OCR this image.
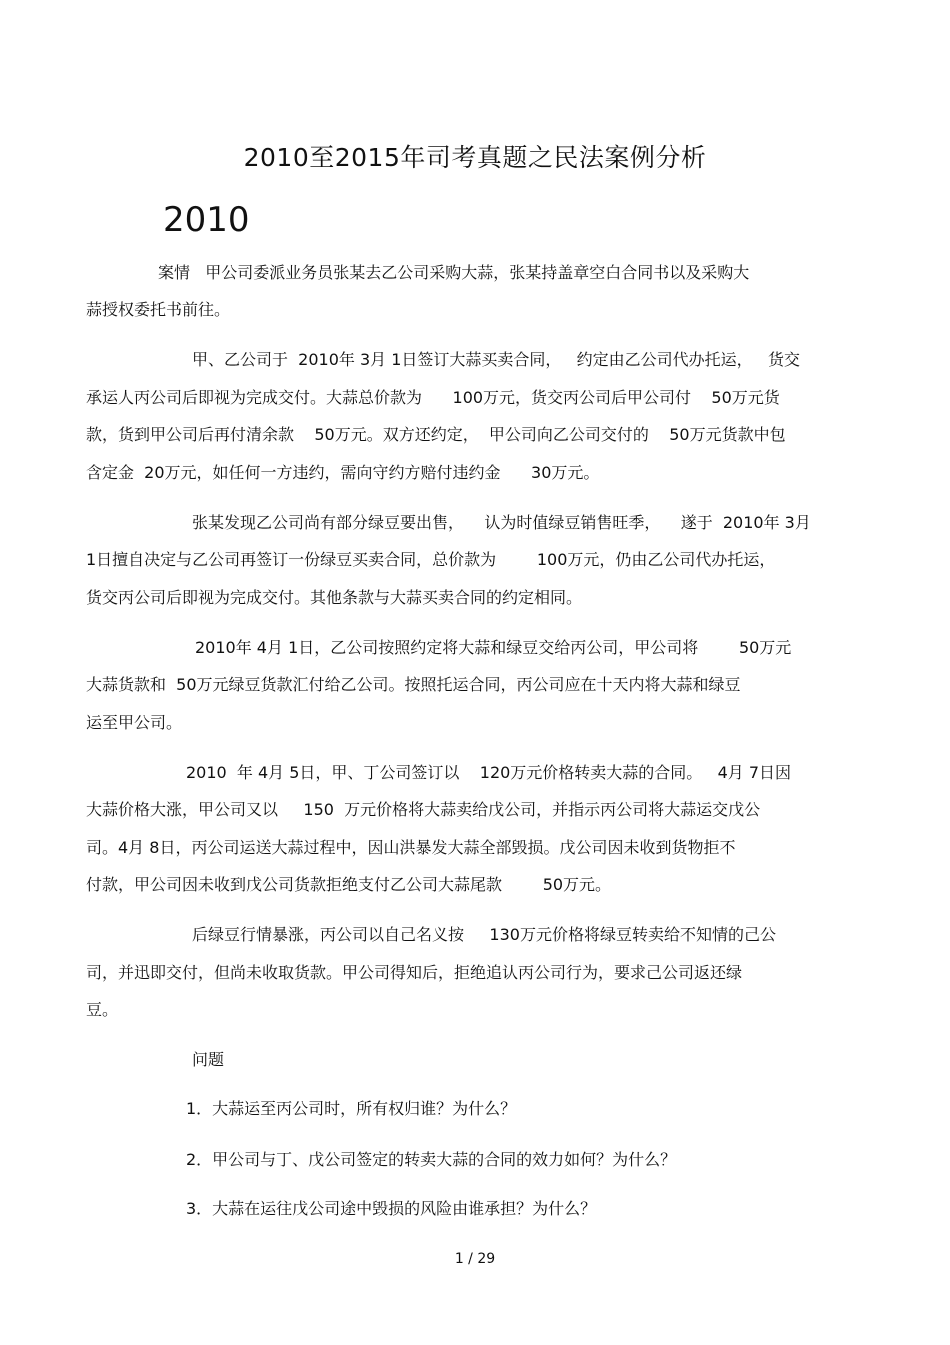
2010至2015年司考真题之民法案例分析
2010
案情   甲公司委派业务员张某去乙公司采购大蒜，张某持盖章空白合同书以及采购大
蒜授权委托书前往。
甲、乙公司于  2010年 3月 1日签订大蒜买卖合同，   约定由乙公司代办托运，   货交
承运人丙公司后即视为完成交付。大蒜总价款为      100万元，货交丙公司后甲公司付    50万元货
款，货到甲公司后再付清余款    50万元。双方还约定，  甲公司向乙公司交付的    50万元货款中包
含定金  20万元，如任何一方违约，需向守约方赔付违约金      30万元。
张某发现乙公司尚有部分绿豆要出售，    认为时值绿豆销售旺季，    遂于  2010年 3月
1日擅自决定与乙公司再签订一份绿豆买卖合同，总价款为        100万元，仍由乙公司代办托运，
货交丙公司后即视为完成交付。其他条款与大蒜买卖合同的约定相同。
2010年 4月 1日，乙公司按照约定将大蒜和绿豆交给丙公司，甲公司将        50万元
大蒜货款和  50万元绿豆货款汇付给乙公司。按照托运合同，丙公司应在十天内将大蒜和绿豆
运至甲公司。
2010  年 4月 5日，甲、丁公司签订以    120万元价格转卖大蒜的合同。   4月 7日因
大蒜价格大涨，甲公司又以     150  万元价格将大蒜卖给戊公司，并指示丙公司将大蒜运交戊公
司。4月 8日，丙公司运送大蒜过程中，因山洪暴发大蒜全部毁损。戊公司因未收到货物拒不
付款，甲公司因未收到戊公司货款拒绝支付乙公司大蒜尾款        50万元。
后绿豆行情暴涨，丙公司以自己名义按     130万元价格将绿豆转卖给不知情的己公
司，并迅即交付，但尚未收取货款。甲公司得知后，拒绝追认丙公司行为，要求己公司返还绿
豆。
问题
1．大蒜运至丙公司时，所有权归谁？为什么？
2．甲公司与丁、戊公司签定的转卖大蒜的合同的效力如何？为什么？
3．大蒜在运往戊公司途中毁损的风险由谁承担？为什么？
1 / 29
